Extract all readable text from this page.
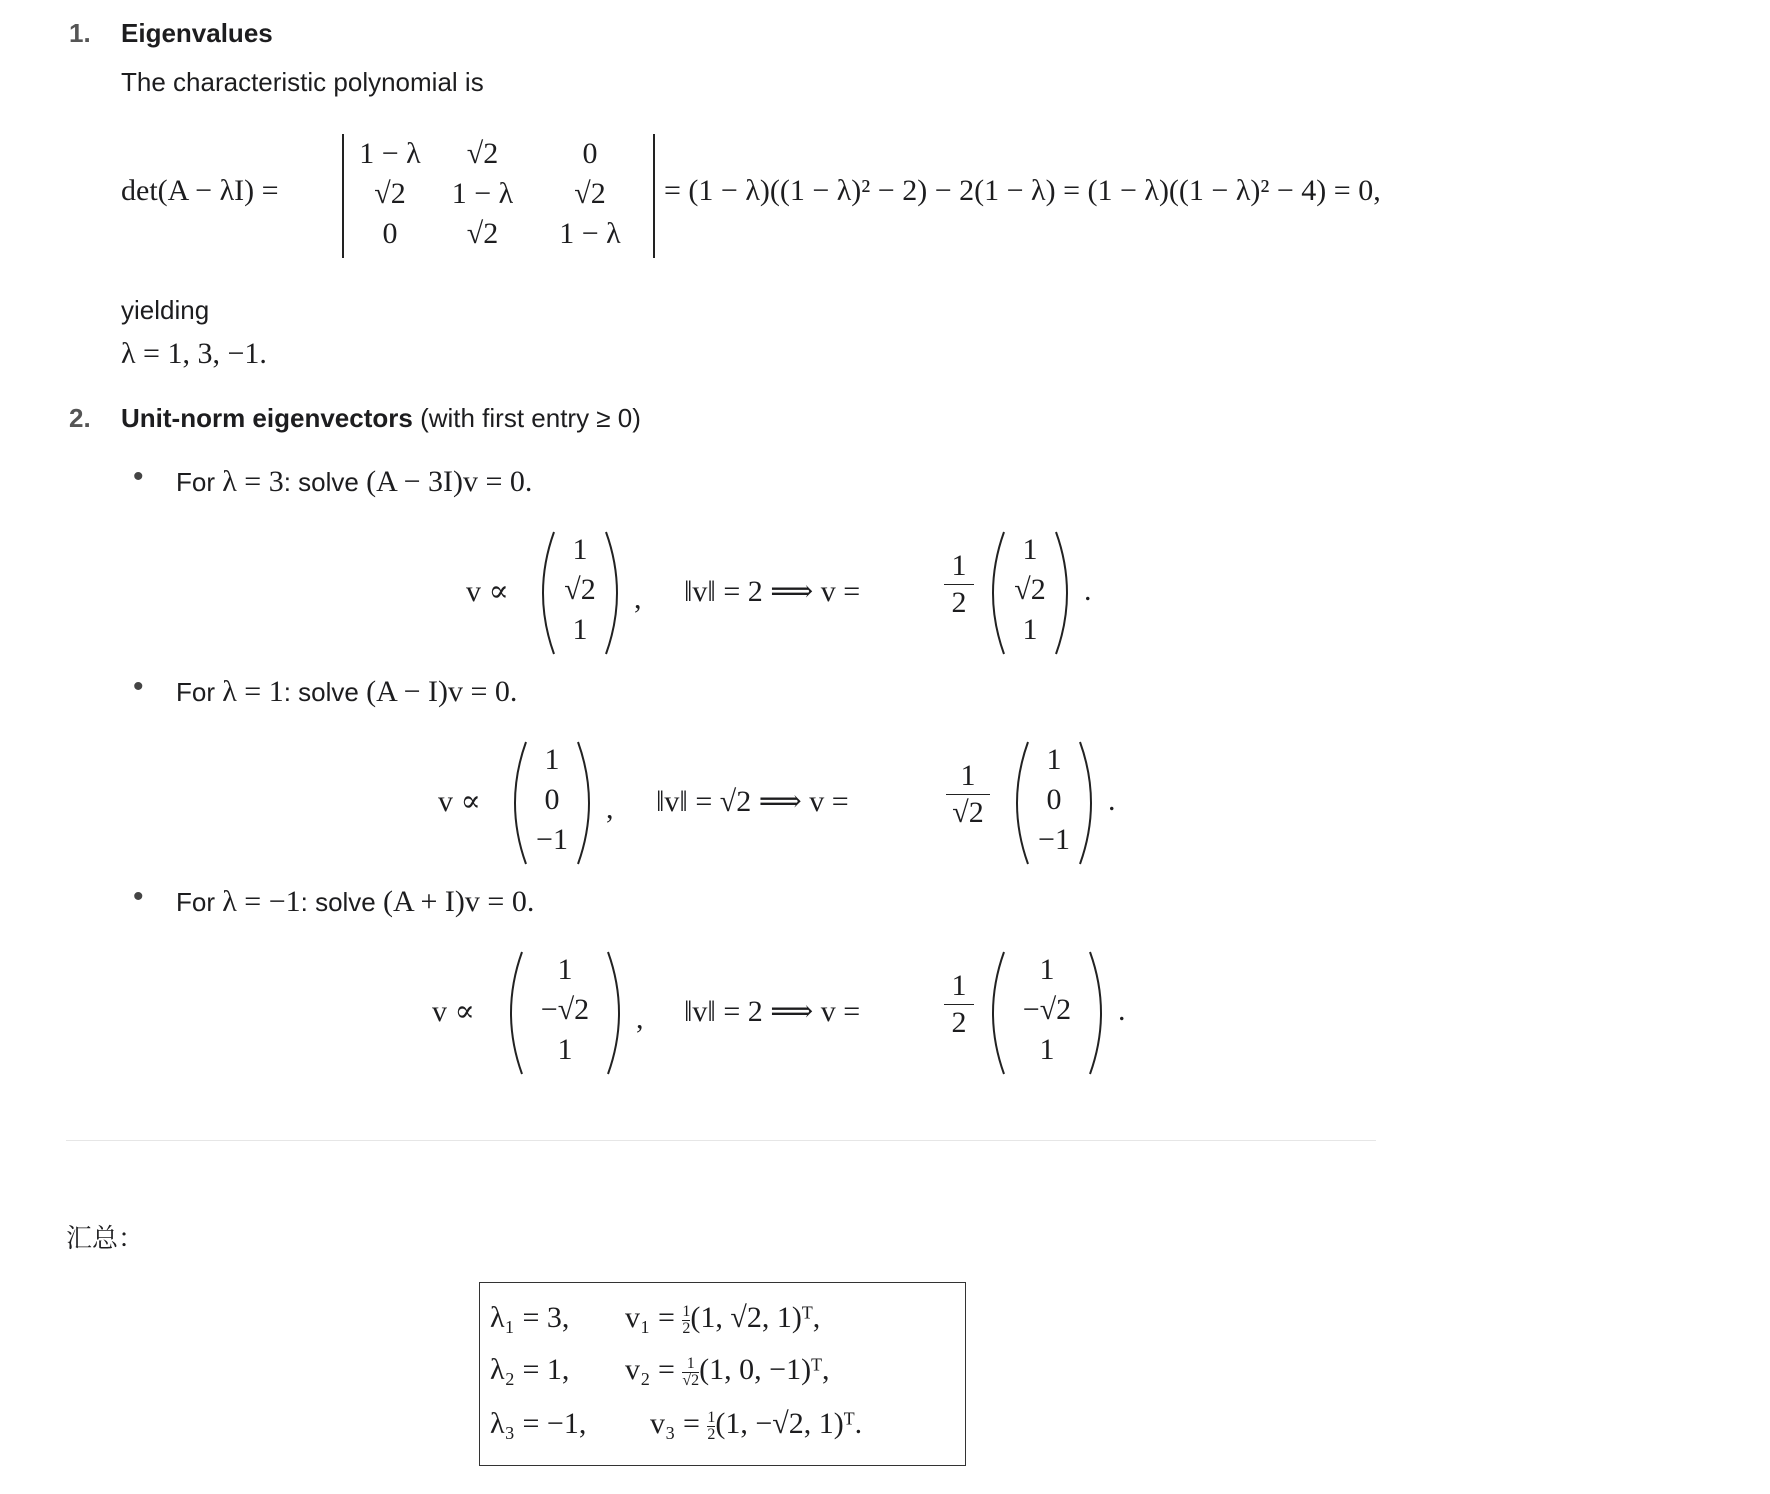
1. Eigenvalues
The characteristic polynomial is
det(A − λI) =
1 − λ	√2	0
√2	1 − λ	√2
0	√2	1 − λ
= (1 − λ)((1 − λ)² − 2) − 2(1 − λ) = (1 − λ)((1 − λ)² − 4) = 0,
yielding
λ = 1, 3, −1.
2. Unit-norm eigenvectors (with first entry ≥ 0)
• For λ = 3: solve (A − 3I)v = 0.
v ∝
1
√2
1
, ‖v‖ = 2 ⟹ v =	$\frac{1}{2}$	1
√2
1
.
• For λ = 1: solve (A − I)v = 0.
v ∝
1
0
−1
, ‖v‖ = √2 ⟹ v =	$\frac{1}{√2}$	1
0
−1
.
• For λ = −1: solve (A + I)v = 0.
v ∝
1
−√2
1
, ‖v‖ = 2 ⟹ v =	$\frac{1}{2}$	1
−√2
1
.
汇总：
λ₁ = 3, $v_1 = \frac{1}{2} (1$, √2, 1)ᵀ,
λ₂ = 1, $v_2 = \frac{1}{√2} (1$, 0, −1)ᵀ,
λ₃ = −1, $v_3 = \frac{1}{2} (1$, −√2, 1)ᵀ.
